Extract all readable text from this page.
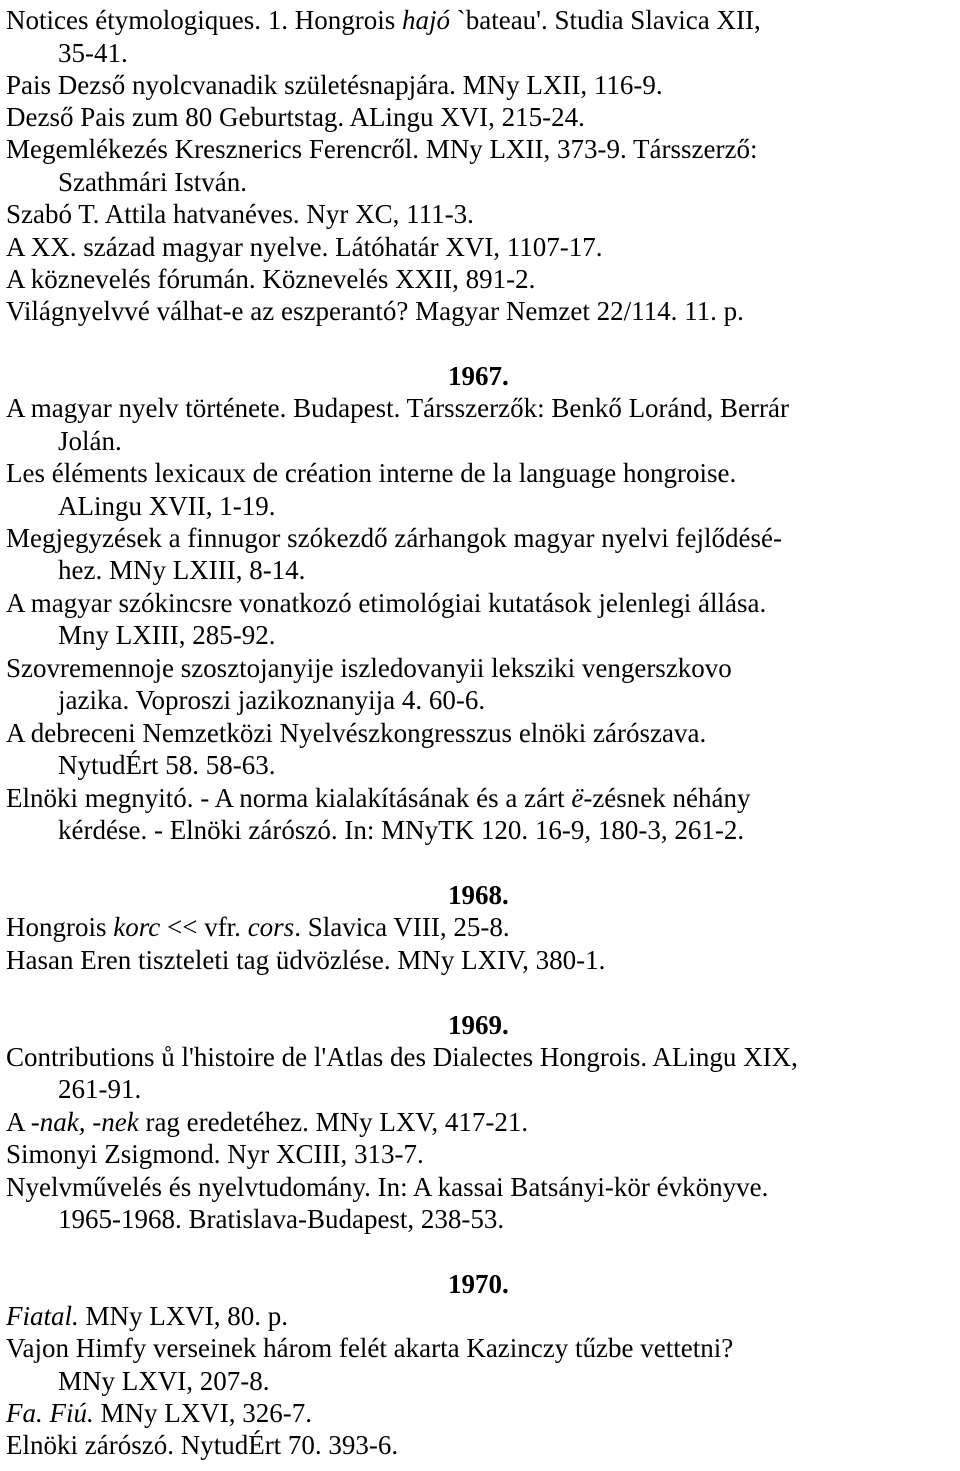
Notices étymologiques. 1. Hongrois hajó `bateau'. Studia Slavica XII,
35-41.
Pais Dezső nyolcvanadik születésnapjára. MNy LXII, 116-9.
Dezső Pais zum 80 Geburtstag. ALingu XVI, 215-24.
Megemlékezés Kresznerics Ferencről. MNy LXII, 373-9. Társszerző:
Szathmári István.
Szabó T. Attila hatvanéves. Nyr XC, 111-3.
A XX. század magyar nyelve. Látóhatár XVI, 1107-17.
A köznevelés fórumán. Köznevelés XXII, 891-2.
Világnyelvvé válhat-e az eszperantó? Magyar Nemzet 22/114. 11. p.
1967.
A magyar nyelv története. Budapest. Társszerzők: Benkő Loránd, Berrár
Jolán.
Les éléments lexicaux de création interne de la language hongroise.
ALingu XVII, 1-19.
Megjegyzések a finnugor szókezdő zárhangok magyar nyelvi fejlődésé-
hez. MNy LXIII, 8-14.
A magyar szókincsre vonatkozó etimológiai kutatások jelenlegi állása.
Mny LXIII, 285-92.
Szovremennoje szosztojanyije iszledovanyii lekszikі vengerszkovo
jazika. Voproszi jazikoznanyija 4. 60-6.
A debreceni Nemzetközi Nyelvészkongresszus elnöki zárószava.
NytudÉrt 58. 58-63.
Elnöki megnyitó. - A norma kialakításának és a zárt ë-zésnek néhány
kérdése. - Elnöki zárószó. In: MNyTK 120. 16-9, 180-3, 261-2.
1968.
Hongrois korc << vfr. cors. Slavica VIII, 25-8.
Hasan Eren tiszteleti tag üdvözlése. MNy LXIV, 380-1.
1969.
Contributions ů l'histoire de l'Atlas des Dialectes Hongrois. ALingu XIX,
261-91.
A -nak, -nek rag eredetéhez. MNy LXV, 417-21.
Simonyi Zsigmond. Nyr XCIII, 313-7.
Nyelvművelés és nyelvtudomány. In: A kassai Batsányi-kör évkönyve.
1965-1968. Bratislava-Budapest, 238-53.
1970.
Fiatal. MNy LXVI, 80. p.
Vajon Himfy verseinek három felét akarta Kazinczy tűzbe vettetni?
MNy LXVI, 207-8.
Fa. Fiú. MNy LXVI, 326-7.
Elnöki zárószó. NytudÉrt 70. 393-6.
